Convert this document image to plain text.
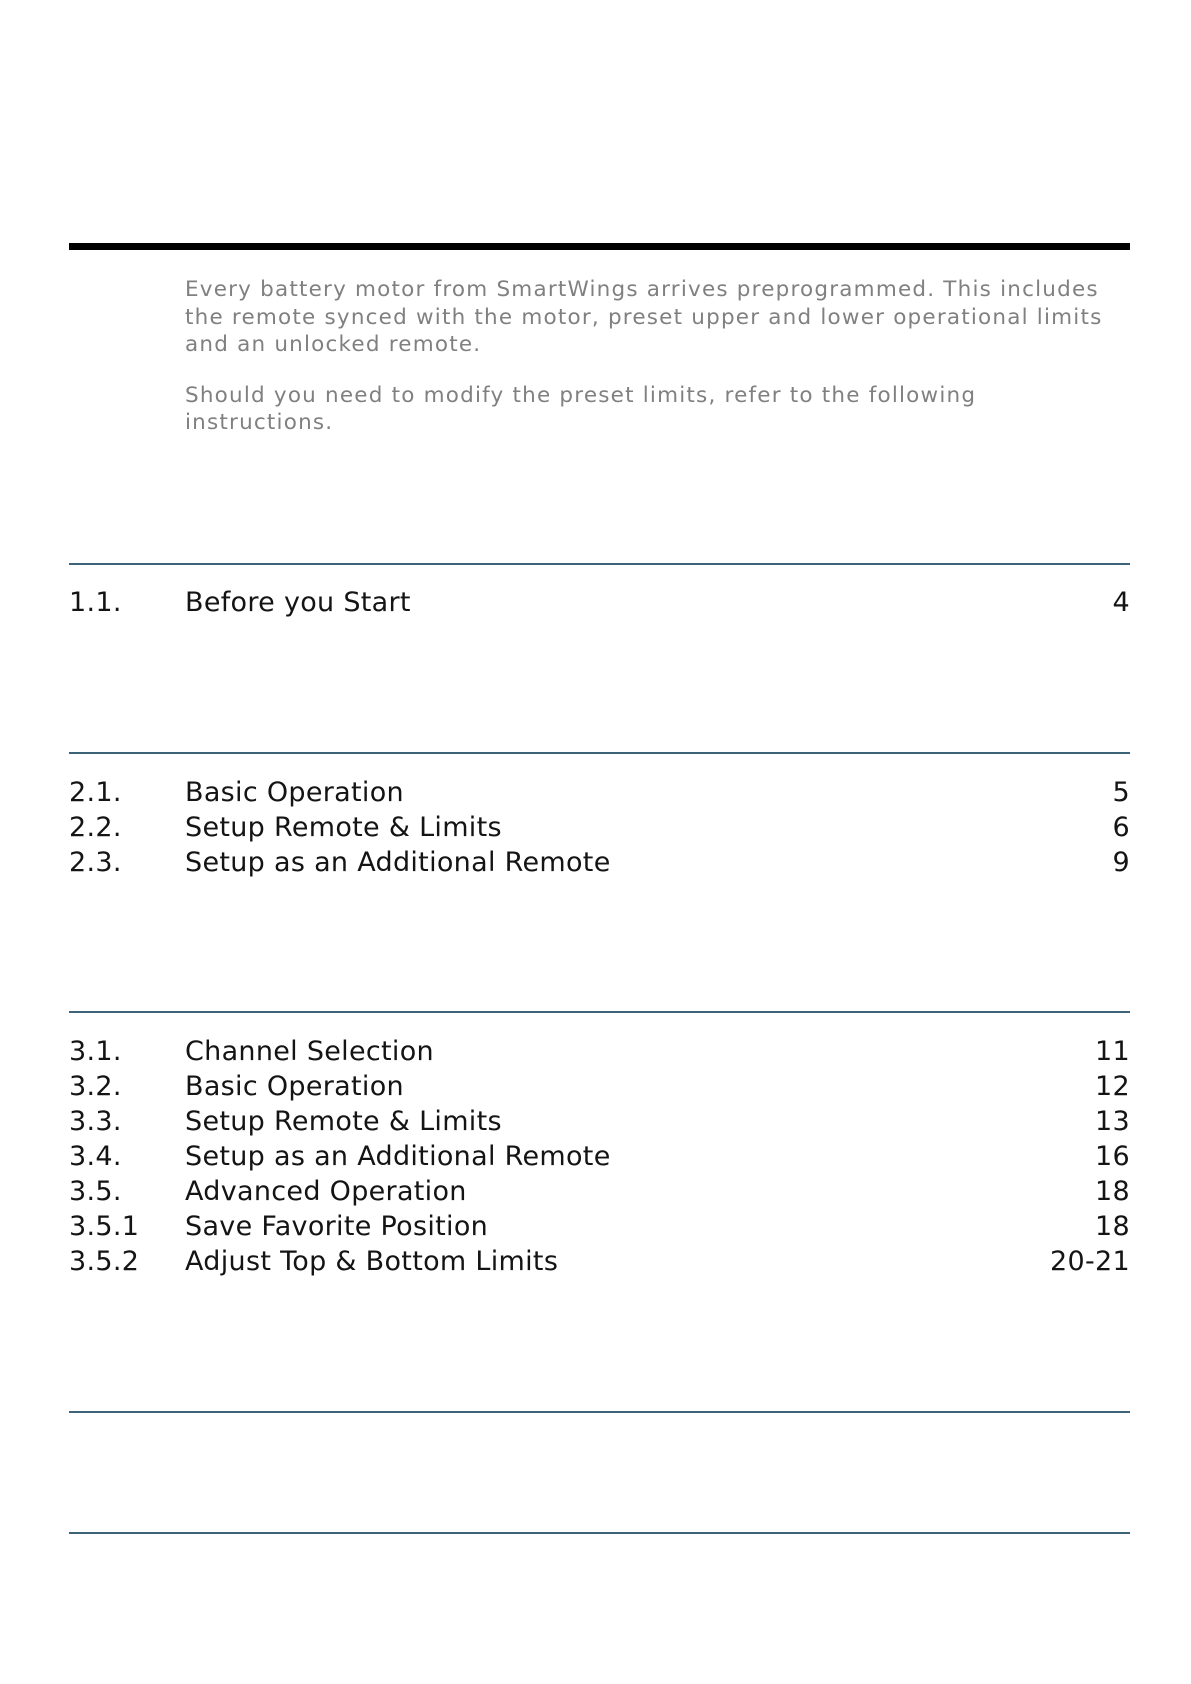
Every battery motor from SmartWings arrives preprogrammed. This includes the remote synced with the motor, preset upper and lower operational limits and an unlocked remote.

Should you need to modify the preset limits, refer to the following instructions.

1.1. Before you Start	4
2.1. Basic Operation	5
2.2. Setup Remote & Limits	6
2.3. Setup as an Additional Remote	9
3.1. Channel Selection	11
3.2. Basic Operation	12
3.3. Setup Remote & Limits	13
3.4. Setup as an Additional Remote	16
3.5. Advanced Operation	18
3.5.1 Save Favorite Position	18
3.5.2 Adjust Top & Bottom Limits	20-21
